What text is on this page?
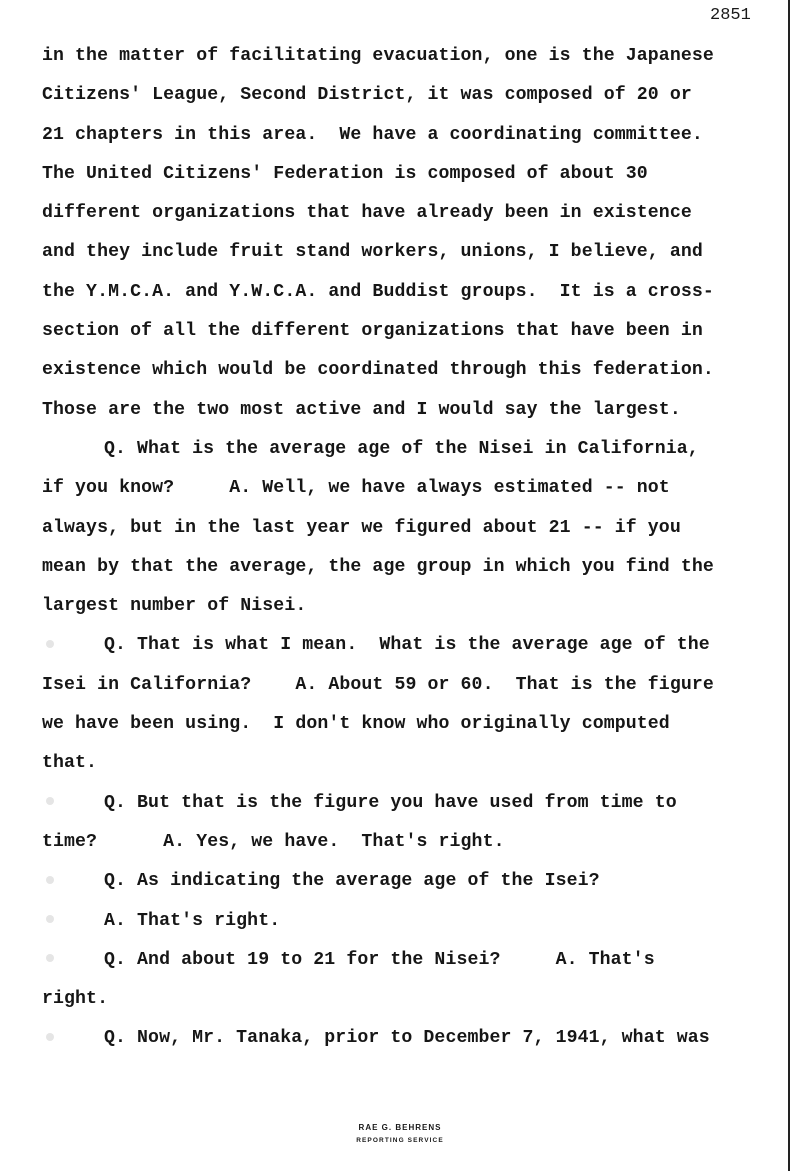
2851
in the matter of facilitating evacuation, one is the Japanese
Citizens' League, Second District, it was composed of 20 or
21 chapters in this area.  We have a coordinating committee.
The United Citizens' Federation is composed of about 30
different organizations that have already been in existence
and they include fruit stand workers, unions, I believe, and
the Y.M.C.A. and Y.W.C.A. and Buddist groups.  It is a cross-
section of all the different organizations that have been in
existence which would be coordinated through this federation.
Those are the two most active and I would say the largest.
Q. What is the average age of the Nisei in California,
if you know?     A. Well, we have always estimated -- not
always, but in the last year we figured about 21 -- if you
mean by that the average, the age group in which you find the
largest number of Nisei.
Q. That is what I mean.  What is the average age of the
Isei in California?    A. About 59 or 60.  That is the figure
we have been using.  I don't know who originally computed
that.
Q. But that is the figure you have used from time to
time?      A. Yes, we have.  That's right.
Q. As indicating the average age of the Isei?
A. That's right.
Q. And about 19 to 21 for the Nisei?     A. That's
right.
Q. Now, Mr. Tanaka, prior to December 7, 1941, what was
RAE G. BEHRENS
REPORTING SERVICE
